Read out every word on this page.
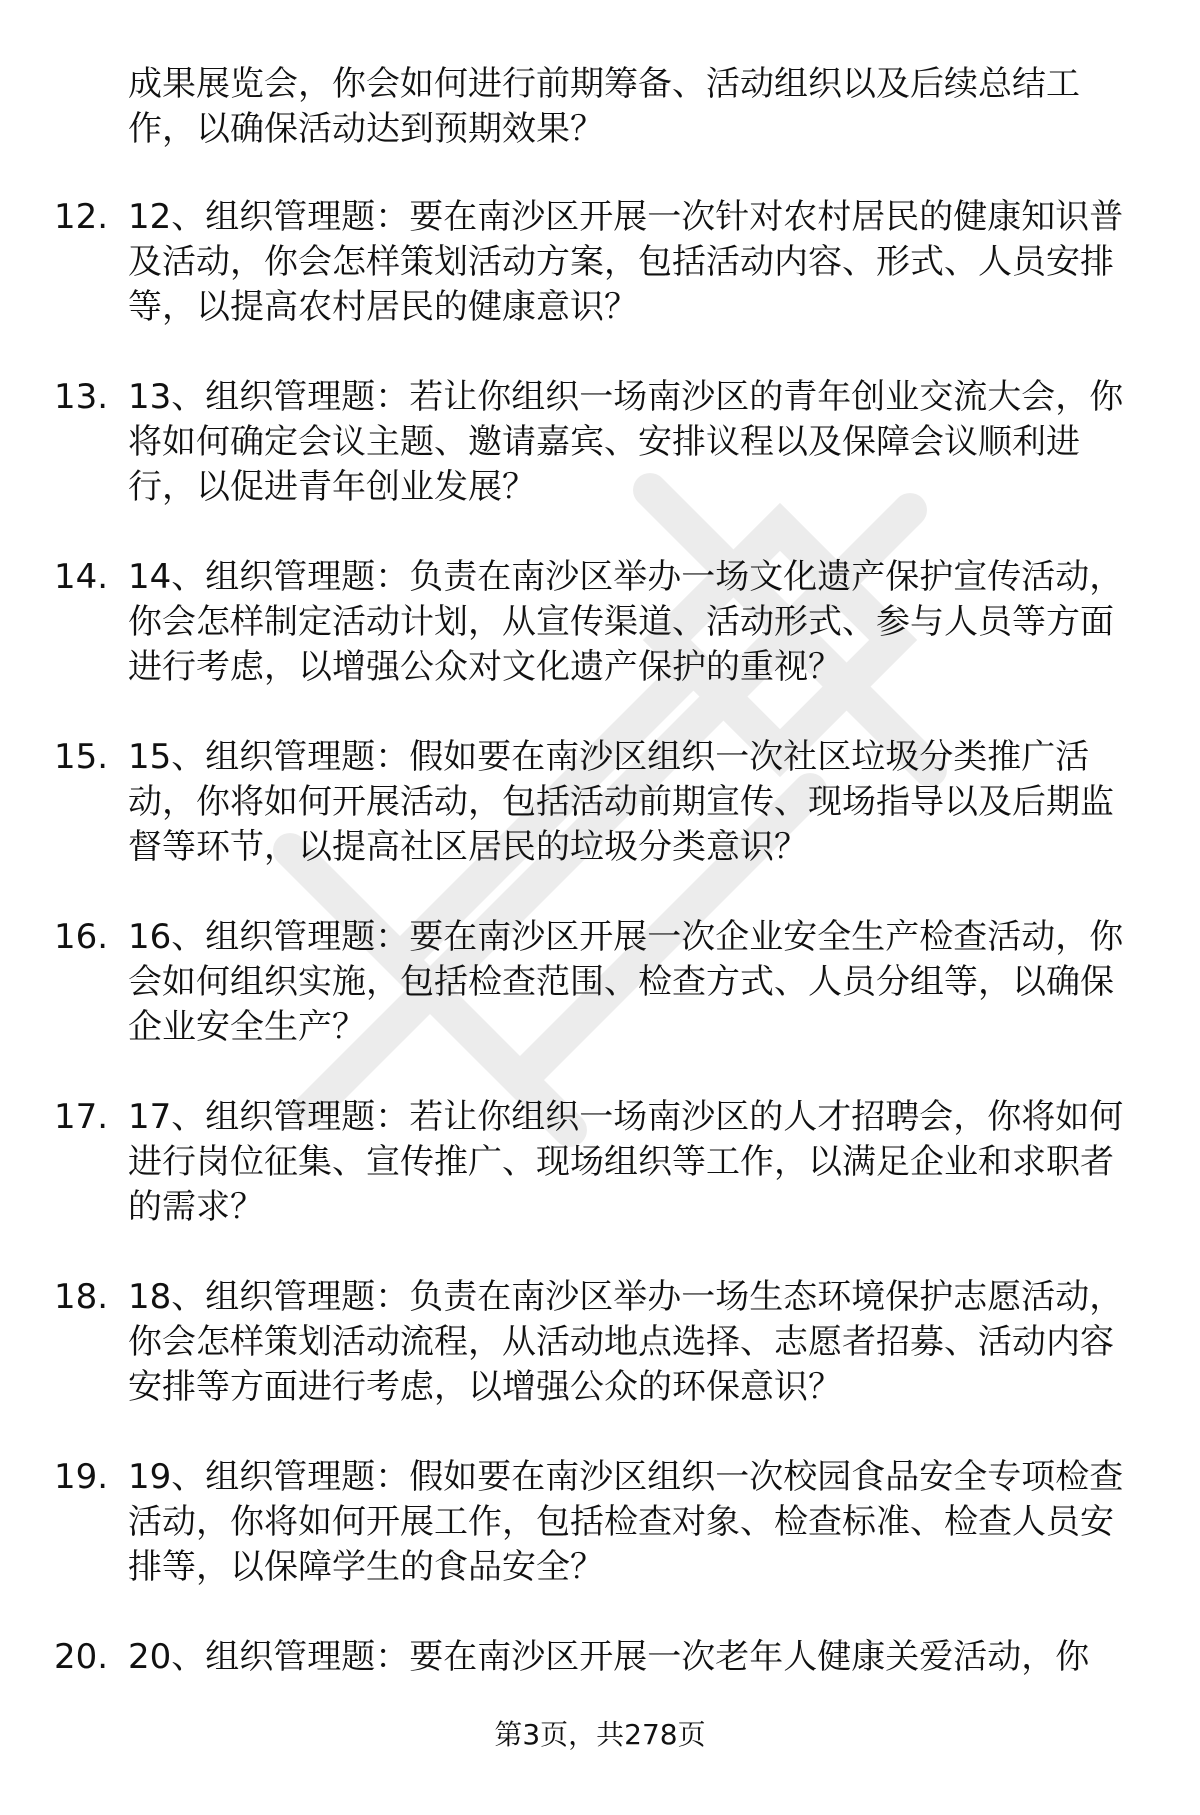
成果展览会，你会如何进行前期筹备、活动组织以及后续总结工作，以确保活动达到预期效果？

12. 12、组织管理题：要在南沙区开展一次针对农村居民的健康知识普及活动，你会怎样策划活动方案，包括活动内容、形式、人员安排等，以提高农村居民的健康意识？

13. 13、组织管理题：若让你组织一场南沙区的青年创业交流大会，你将如何确定会议主题、邀请嘉宾、安排议程以及保障会议顺利进行，以促进青年创业发展？

14. 14、组织管理题：负责在南沙区举办一场文化遗产保护宣传活动，你会怎样制定活动计划，从宣传渠道、活动形式、参与人员等方面进行考虑，以增强公众对文化遗产保护的重视？

15. 15、组织管理题：假如要在南沙区组织一次社区垃圾分类推广活动，你将如何开展活动，包括活动前期宣传、现场指导以及后期监督等环节，以提高社区居民的垃圾分类意识？

16. 16、组织管理题：要在南沙区开展一次企业安全生产检查活动，你会如何组织实施，包括检查范围、检查方式、人员分组等，以确保企业安全生产？

17. 17、组织管理题：若让你组织一场南沙区的人才招聘会，你将如何进行岗位征集、宣传推广、现场组织等工作，以满足企业和求职者的需求？

18. 18、组织管理题：负责在南沙区举办一场生态环境保护志愿活动，你会怎样策划活动流程，从活动地点选择、志愿者招募、活动内容安排等方面进行考虑，以增强公众的环保意识？

19. 19、组织管理题：假如要在南沙区组织一次校园食品安全专项检查活动，你将如何开展工作，包括检查对象、检查标准、检查人员安排等，以保障学生的食品安全？

20. 20、组织管理题：要在南沙区开展一次老年人健康关爱活动，你

第3页，共278页
